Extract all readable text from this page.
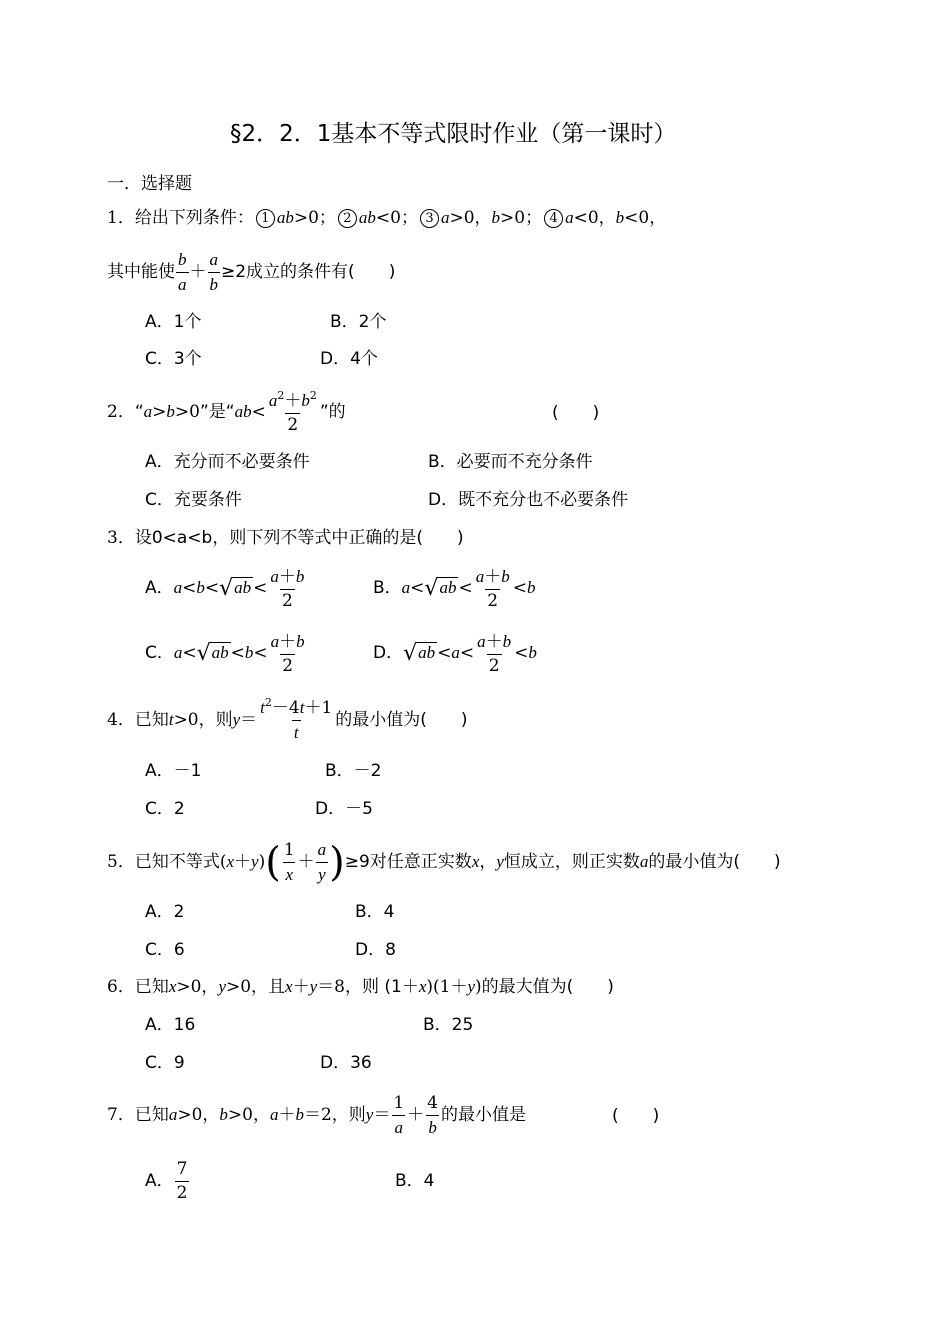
§2．2．1基本不等式限时作业（第一课时）
一．选择题
1．给出下列条件： 1 ab>0； 2 ab<0； 3 a>0，b>0； 4 a<0，b<0，
其中能使 $\frac{b}{a} + \frac{a}{b} \ge 2$成立的条件有(　　)
A．1个	B．2个
C．3个	D．4个
2．“a>b>0”是“$ab< \frac{a^2+b^2}{2}$ ”的	(　　)
A．充分而不必要条件	B．必要而不充分条件
C．充要条件	D．既不充分也不必要条件
3．设0<a<b，则下列不等式中正确的是(　　)
A．$a<b<√ab < \frac{a+b}{2}$	B．$a<√ab < \frac{a+b}{2} <b$
C．$a<√ab <b< \frac{a+b}{2}$	D．$√ab <a< \frac{a+b}{2} <b$
4．已知t>0，则$y= \frac{t^2-4t+1}{t}$ 的最小值为(　　)
A．－1	B．－2
C．2	D．－5
5．已知不等式$(x+y)( \frac{1}{x} + \frac{a}{y} )\ge 9$对任意正实数x，y恒成立，则正实数a的最小值为(　　)
A．2	B．4
C．6	D．8
6．已知x>0，y>0，且x＋y＝8，则 (1＋x)(1＋y)的最大值为(　　)
A．16	B．25
C．9	D．36
7．已知a>0，b>0，a＋b＝2，则$y= \frac{1}{a} + \frac{4}{b}$ 的最小值是	(　　)
A． $\frac{7}{2}$	B．4
